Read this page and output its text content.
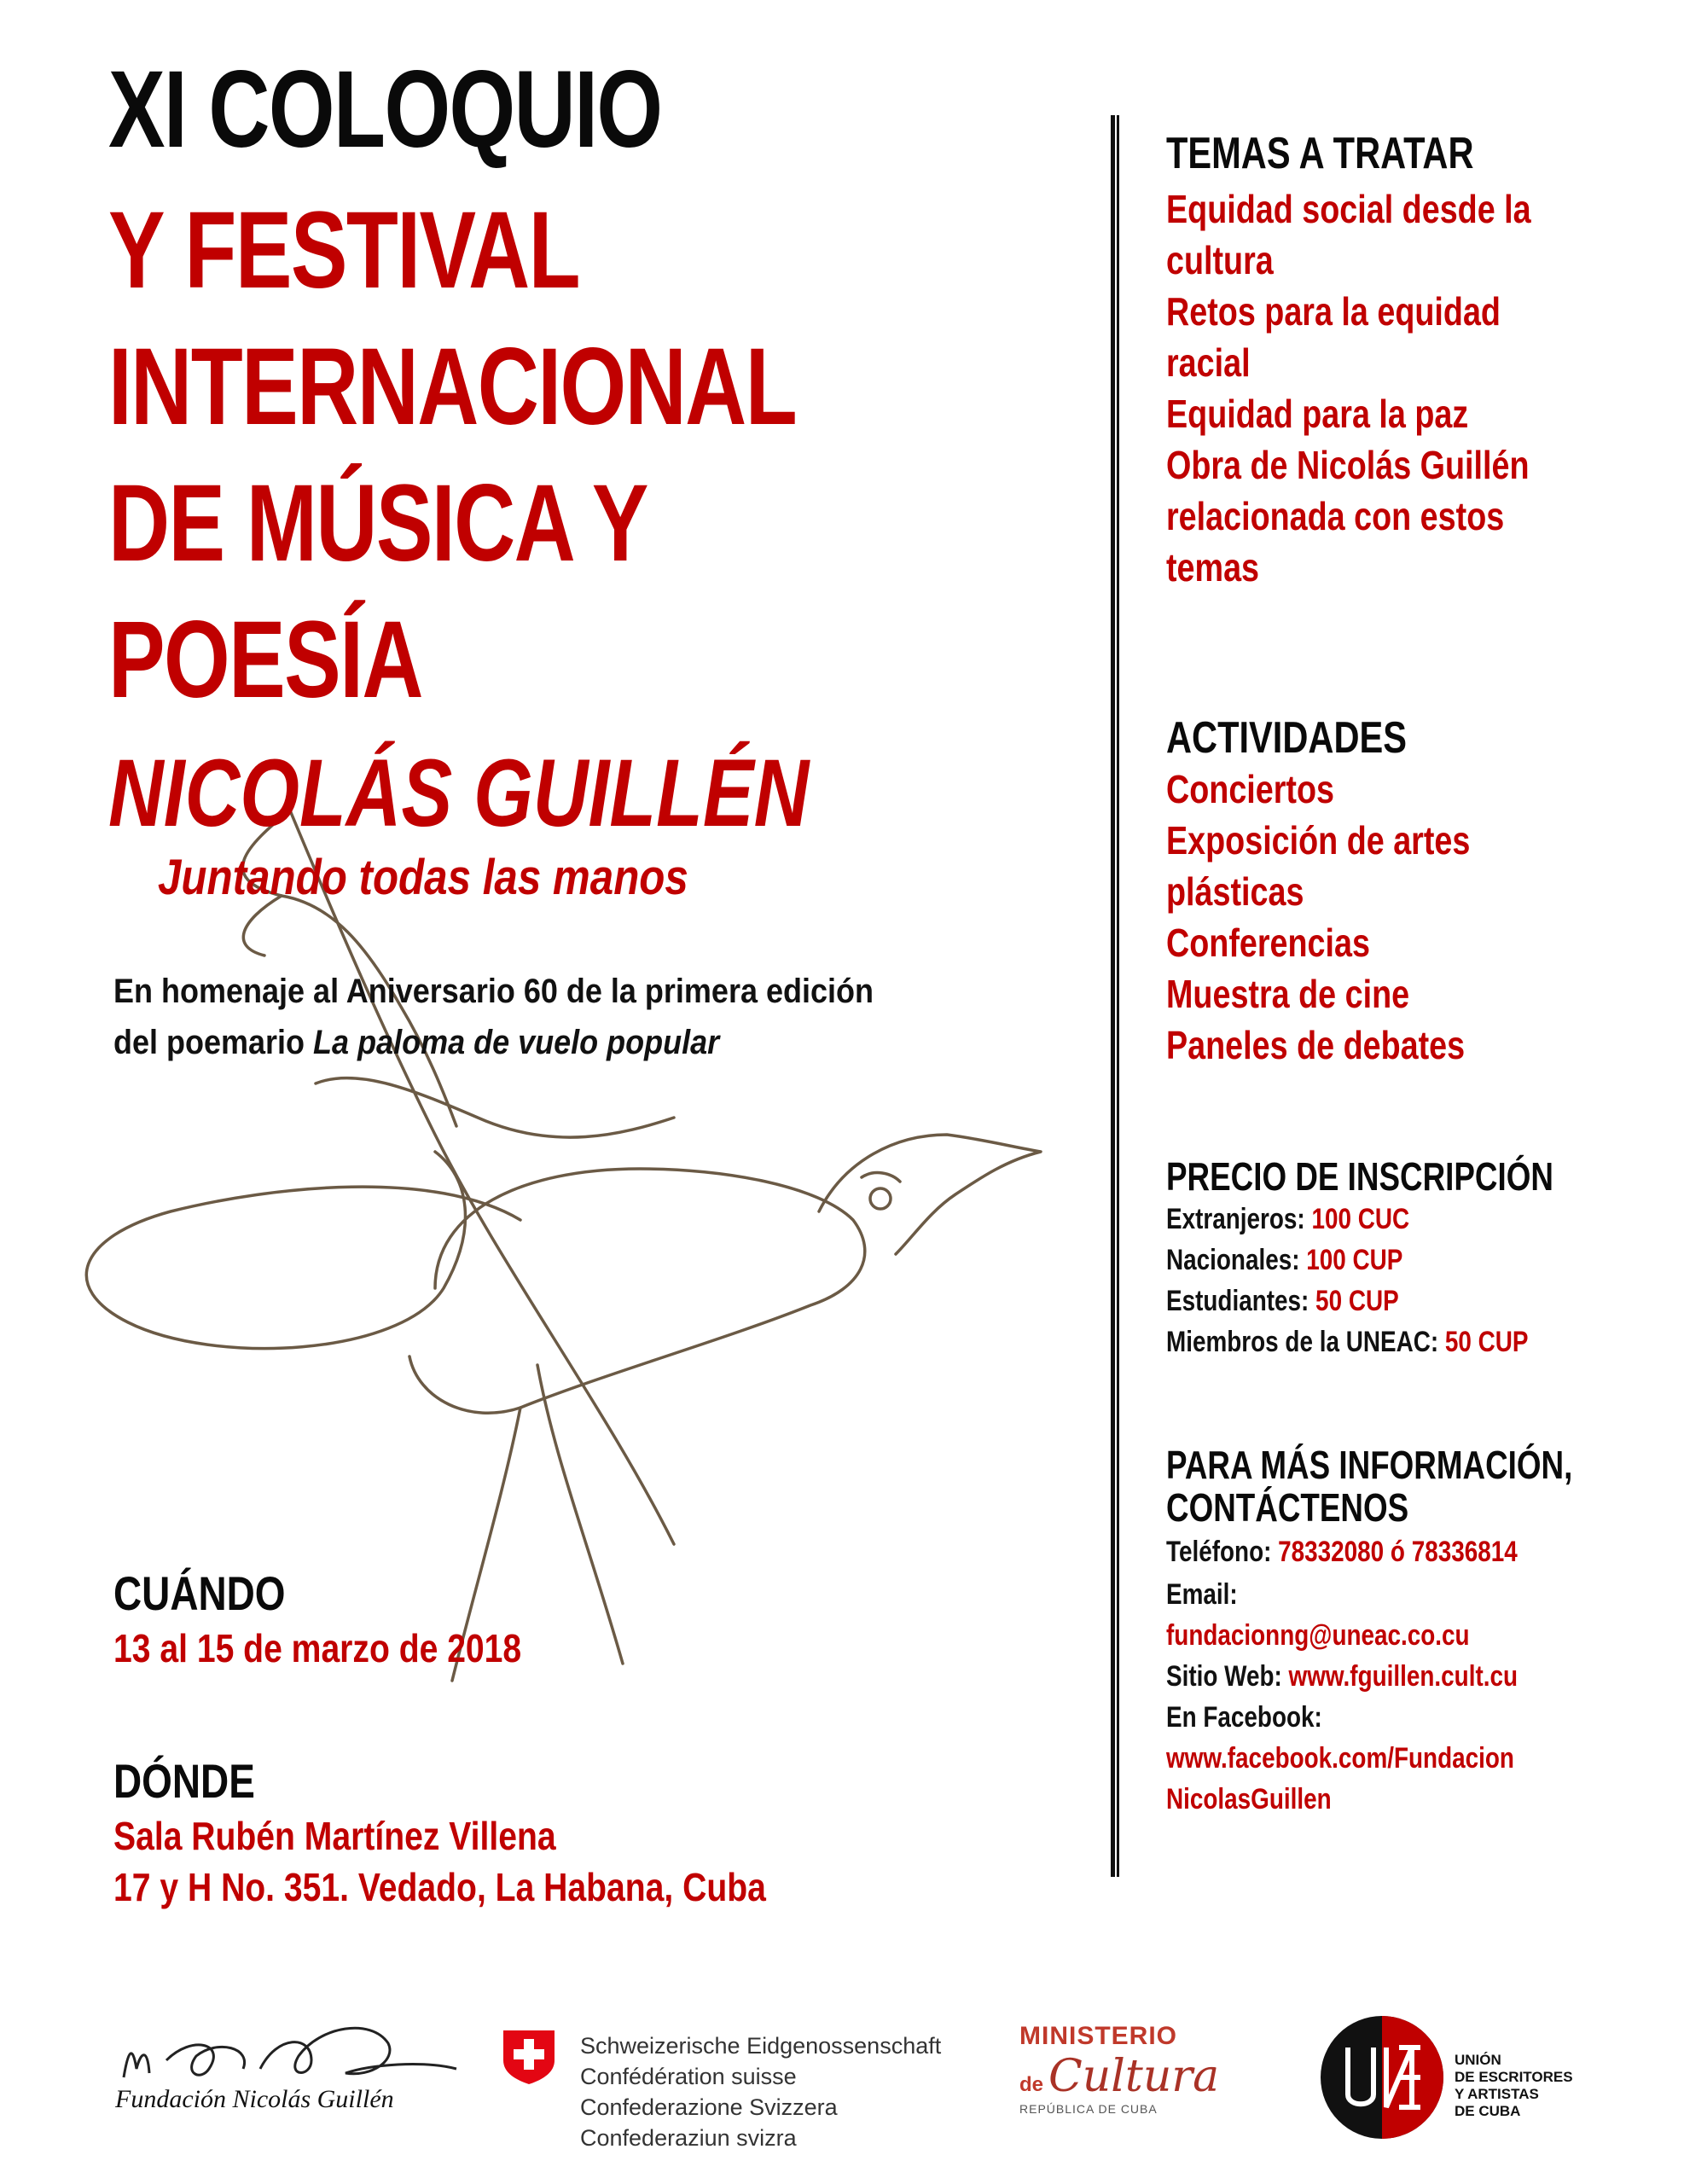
XI COLOQUIO
Y FESTIVAL
INTERNACIONAL
DE MÚSICA Y
POESÍA
NICOLÁS GUILLÉN
Juntando todas las manos
En homenaje al Aniversario 60 de la primera edición
del poemario La paloma de vuelo popular
CUÁNDO
13 al 15 de marzo de 2018
DÓNDE
Sala Rubén Martínez Villena
17 y H No. 351. Vedado, La Habana, Cuba
TEMAS A TRATAR
Equidad social desde la
cultura
Retos para la equidad
racial
Equidad para la paz
Obra de Nicolás Guillén
relacionada con estos
temas
ACTIVIDADES
Conciertos
Exposición de artes
plásticas
Conferencias
Muestra de cine
Paneles de debates
PRECIO DE INSCRIPCIÓN
Extranjeros: 100 CUC
Nacionales: 100 CUP
Estudiantes: 50 CUP
Miembros de la UNEAC: 50 CUP
PARA MÁS INFORMACIÓN,
CONTÁCTENOS
Teléfono: 78332080 ó 78336814
Email:
fundacionng@uneac.co.cu
Sitio Web: www.fguillen.cult.cu
En Facebook:
www.facebook.com/Fundacion
NicolasGuillen
Fundación Nicolás Guillén
Schweizerische Eidgenossenschaft
Confédération suisse
Confederazione Svizzera
Confederaziun svizra
MINISTERIO
de Cultura
REPÚBLICA DE CUBA
UNIÓN
DE ESCRITORES
Y ARTISTAS
DE CUBA
